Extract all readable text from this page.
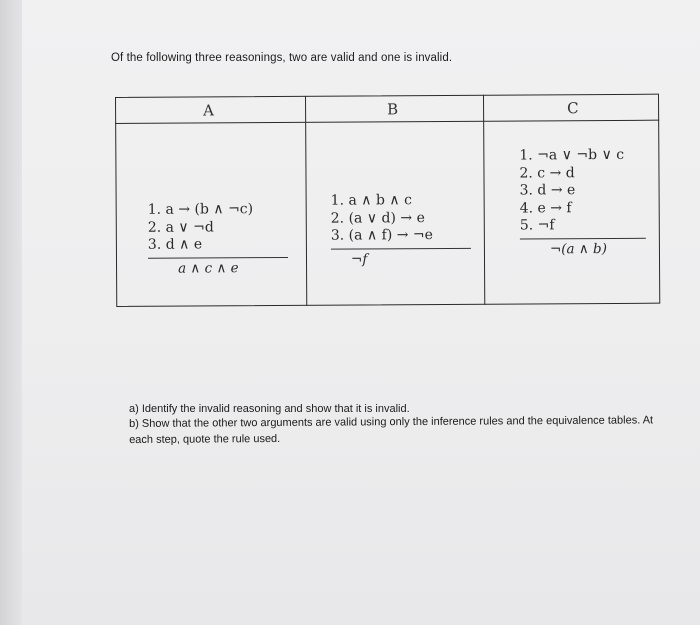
Of the following three reasonings, two are valid and one is invalid.
A	B	C
1. a → (b ∧ ¬c)
2. a ∨ ¬d
3. d ∧ e
a ∧ c ∧ e
1. a ∧ b ∧ c
2. (a ∨ d) → e
3. (a ∧ f) → ¬e
¬f
1. ¬a ∨ ¬b ∨ c
2. c → d
3. d → e
4. e → f
5. ¬f
¬(a ∧ b)
a) Identify the invalid reasoning and show that it is invalid.
b) Show that the other two arguments are valid using only the inference rules and the equivalence tables. At each step, quote the rule used.
